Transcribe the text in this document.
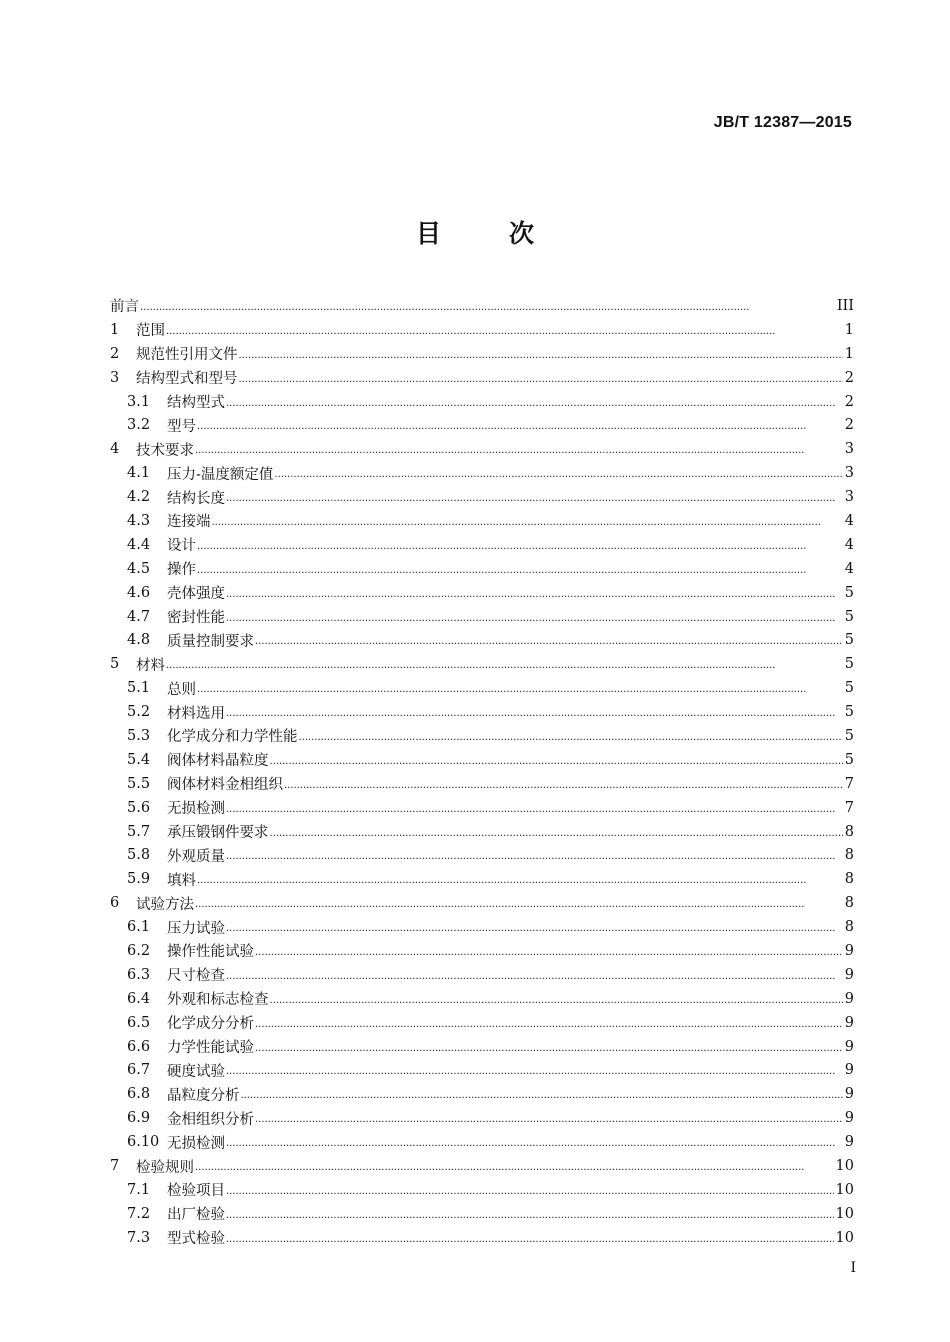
JB/T 12387—2015
目	次
前言 . . .	III
1	范围 . . .	1
2	规范性引用文件 . . .	1
3	结构型式和型号 . . .	2
3.1	结构型式 . . .	2
3.2	型号 . . .	2
4	技术要求 . . .	3
4.1	压力-温度额定值 . . .	3
4.2	结构长度 . . .	3
4.3	连接端 . . .	4
4.4	设计 . . .	4
4.5	操作 . . .	4
4.6	壳体强度 . . .	5
4.7	密封性能 . . .	5
4.8	质量控制要求 . . .	5
5	材料 . . .	5
5.1	总则 . . .	5
5.2	材料选用 . . .	5
5.3	化学成分和力学性能 . . .	5
5.4	阀体材料晶粒度 . . .	5
5.5	阀体材料金相组织 . . .	7
5.6	无损检测 . . .	7
5.7	承压锻钢件要求 . . .	8
5.8	外观质量 . . .	8
5.9	填料 . . .	8
6	试验方法 . . .	8
6.1	压力试验 . . .	8
6.2	操作性能试验 . . .	9
6.3	尺寸检查 . . .	9
6.4	外观和标志检查 . . .	9
6.5	化学成分分析 . . .	9
6.6	力学性能试验 . . .	9
6.7	硬度试验 . . .	9
6.8	晶粒度分析 . . .	9
6.9	金相组织分析 . . .	9
6.10 无损检测 . . .	9
7	检验规则 . . .	10
7.1	检验项目 . . .	10
7.2	出厂检验 . . .	10
7.3	型式检验 . . .	10
I
